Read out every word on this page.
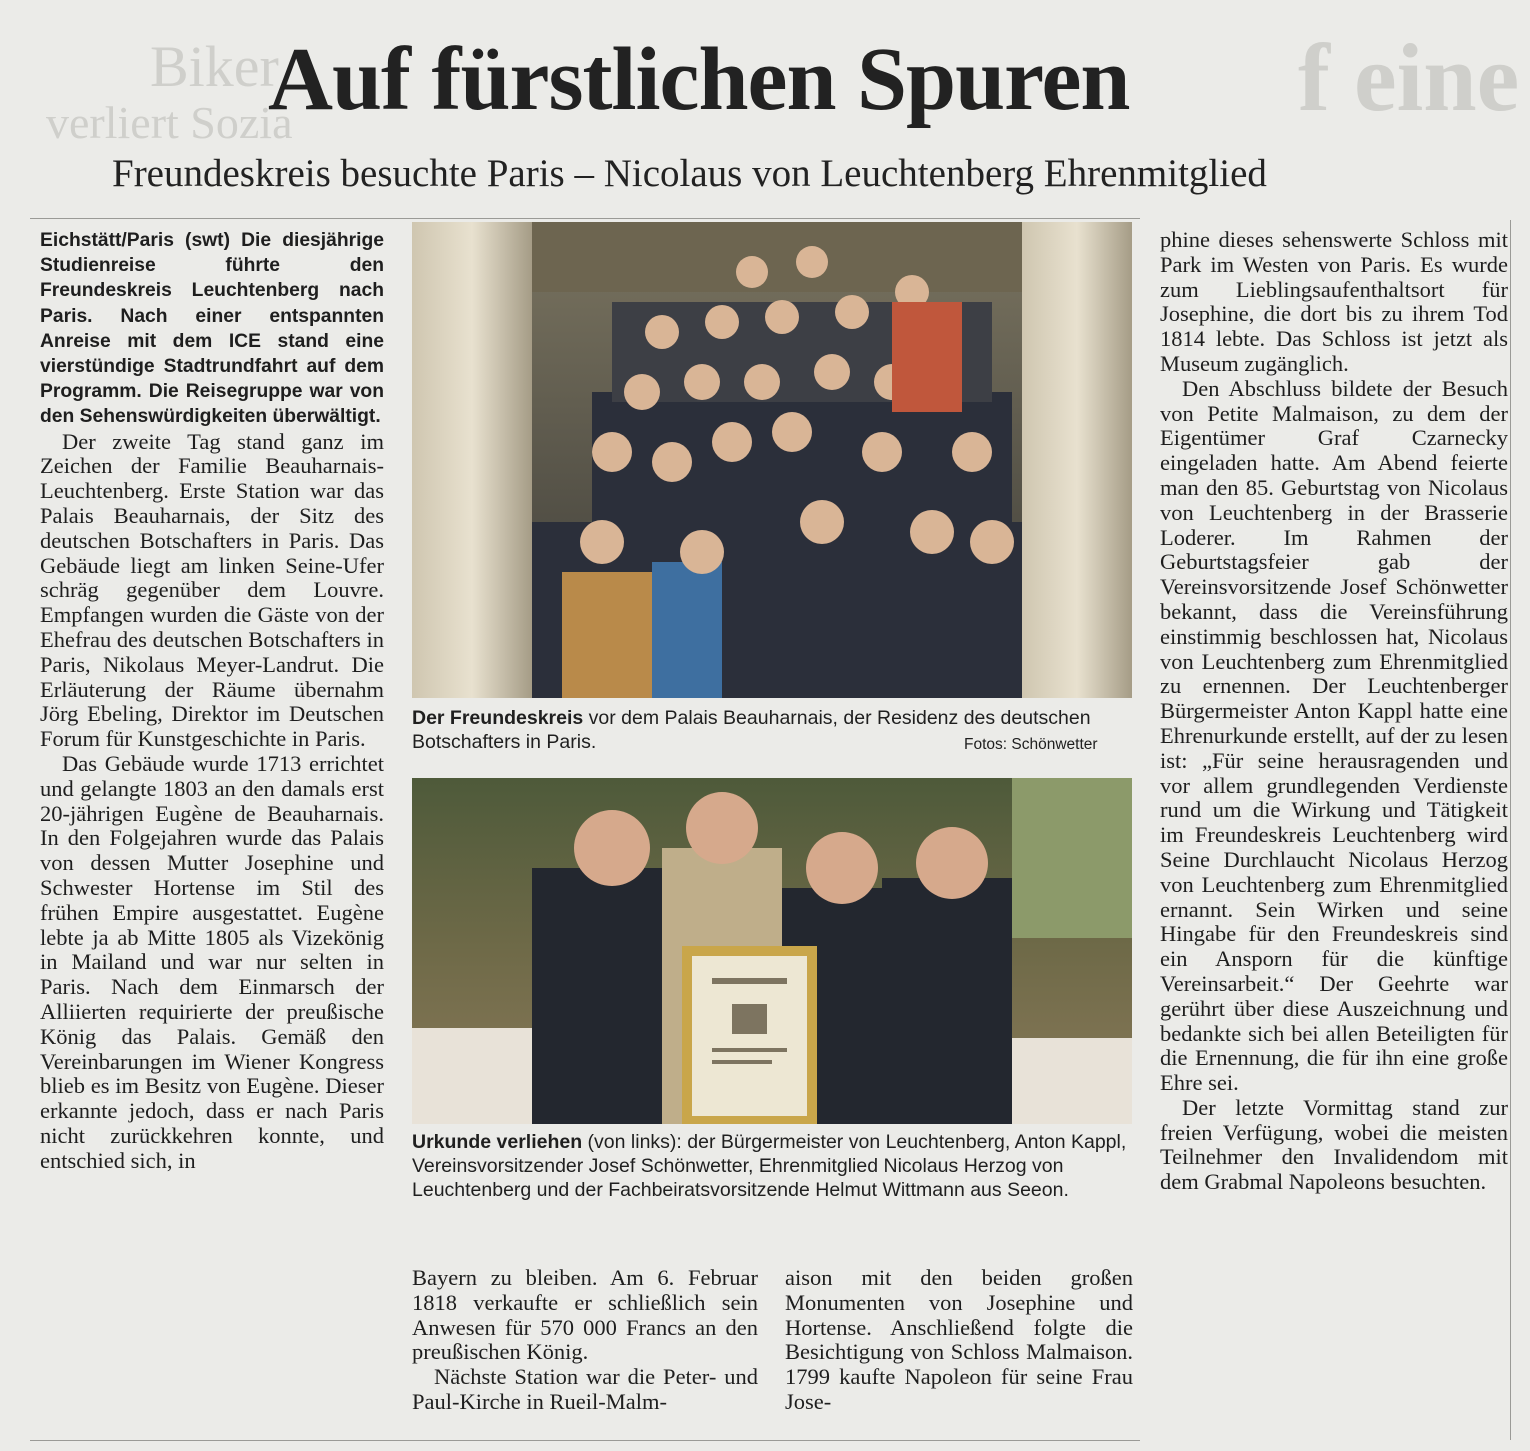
Biker
verliert Sozia	f eine
Auf fürstlichen Spuren
Freundeskreis besuchte Paris – Nicolaus von Leuchtenberg Ehrenmitglied

Eichstätt/Paris (swt) Die diesjährige Studienreise führte den Freundeskreis Leuchtenberg nach Paris. Nach einer entspannten Anreise mit dem ICE stand eine vierstündige Stadtrundfahrt auf dem Programm. Die Reisegruppe war von den Sehenswürdigkeiten überwältigt.

Der zweite Tag stand ganz im Zeichen der Familie Beauharnais-Leuchtenberg. Erste Station war das Palais Beauharnais, der Sitz des deutschen Botschafters in Paris. Das Gebäude liegt am linken Seine-Ufer schräg gegenüber dem Louvre. Empfangen wurden die Gäste von der Ehefrau des deutschen Botschafters in Paris, Nikolaus Meyer-Landrut. Die Erläuterung der Räume übernahm Jörg Ebeling, Direktor im Deutschen Forum für Kunstgeschichte in Paris.

Das Gebäude wurde 1713 errichtet und gelangte 1803 an den damals erst 20-jährigen Eugène de Beauharnais. In den Folgejahren wurde das Palais von dessen Mutter Josephine und Schwester Hortense im Stil des frühen Empire ausgestattet. Eugène lebte ja ab Mitte 1805 als Vizekönig in Mailand und war nur selten in Paris. Nach dem Einmarsch der Alliierten requirierte der preußische König das Palais. Gemäß den Vereinbarungen im Wiener Kongress blieb es im Besitz von Eugène. Dieser erkannte jedoch, dass er nach Paris nicht zurückkehren konnte, und entschied sich, in

Der Freundeskreis vor dem Palais Beauharnais, der Residenz des deutschen Botschafters in Paris.	Fotos: Schönwetter
Urkunde verliehen (von links): der Bürgermeister von Leuchtenberg, Anton Kappl, Vereinsvorsitzender Josef Schönwetter, Ehrenmitglied Nicolaus Herzog von Leuchtenberg und der Fachbeiratsvorsitzende Helmut Wittmann aus Seeon.

Bayern zu bleiben. Am 6. Februar 1818 verkaufte er schließlich sein Anwesen für 570 000 Francs an den preußischen König.

Nächste Station war die Peter- und Paul-Kirche in Rueil-Malm-

aison mit den beiden großen Monumenten von Josephine und Hortense. Anschließend folgte die Besichtigung von Schloss Malmaison. 1799 kaufte Napoleon für seine Frau Jose-

phine dieses sehenswerte Schloss mit Park im Westen von Paris. Es wurde zum Lieblingsaufenthaltsort für Josephine, die dort bis zu ihrem Tod 1814 lebte. Das Schloss ist jetzt als Museum zugänglich.

Den Abschluss bildete der Besuch von Petite Malmaison, zu dem der Eigentümer Graf Czarnecky eingeladen hatte. Am Abend feierte man den 85. Geburtstag von Nicolaus von Leuchtenberg in der Brasserie Loderer. Im Rahmen der Geburtstagsfeier gab der Vereinsvorsitzende Josef Schönwetter bekannt, dass die Vereinsführung einstimmig beschlossen hat, Nicolaus von Leuchtenberg zum Ehrenmitglied zu ernennen. Der Leuchtenberger Bürgermeister Anton Kappl hatte eine Ehrenurkunde erstellt, auf der zu lesen ist: „Für seine herausragenden und vor allem grundlegenden Verdienste rund um die Wirkung und Tätigkeit im Freundeskreis Leuchtenberg wird Seine Durchlaucht Nicolaus Herzog von Leuchtenberg zum Ehrenmitglied ernannt. Sein Wirken und seine Hingabe für den Freundeskreis sind ein Ansporn für die künftige Vereinsarbeit.“ Der Geehrte war gerührt über diese Auszeichnung und bedankte sich bei allen Beteiligten für die Ernennung, die für ihn eine große Ehre sei.

Der letzte Vormittag stand zur freien Verfügung, wobei die meisten Teilnehmer den Invalidendom mit dem Grabmal Napoleons besuchten.
